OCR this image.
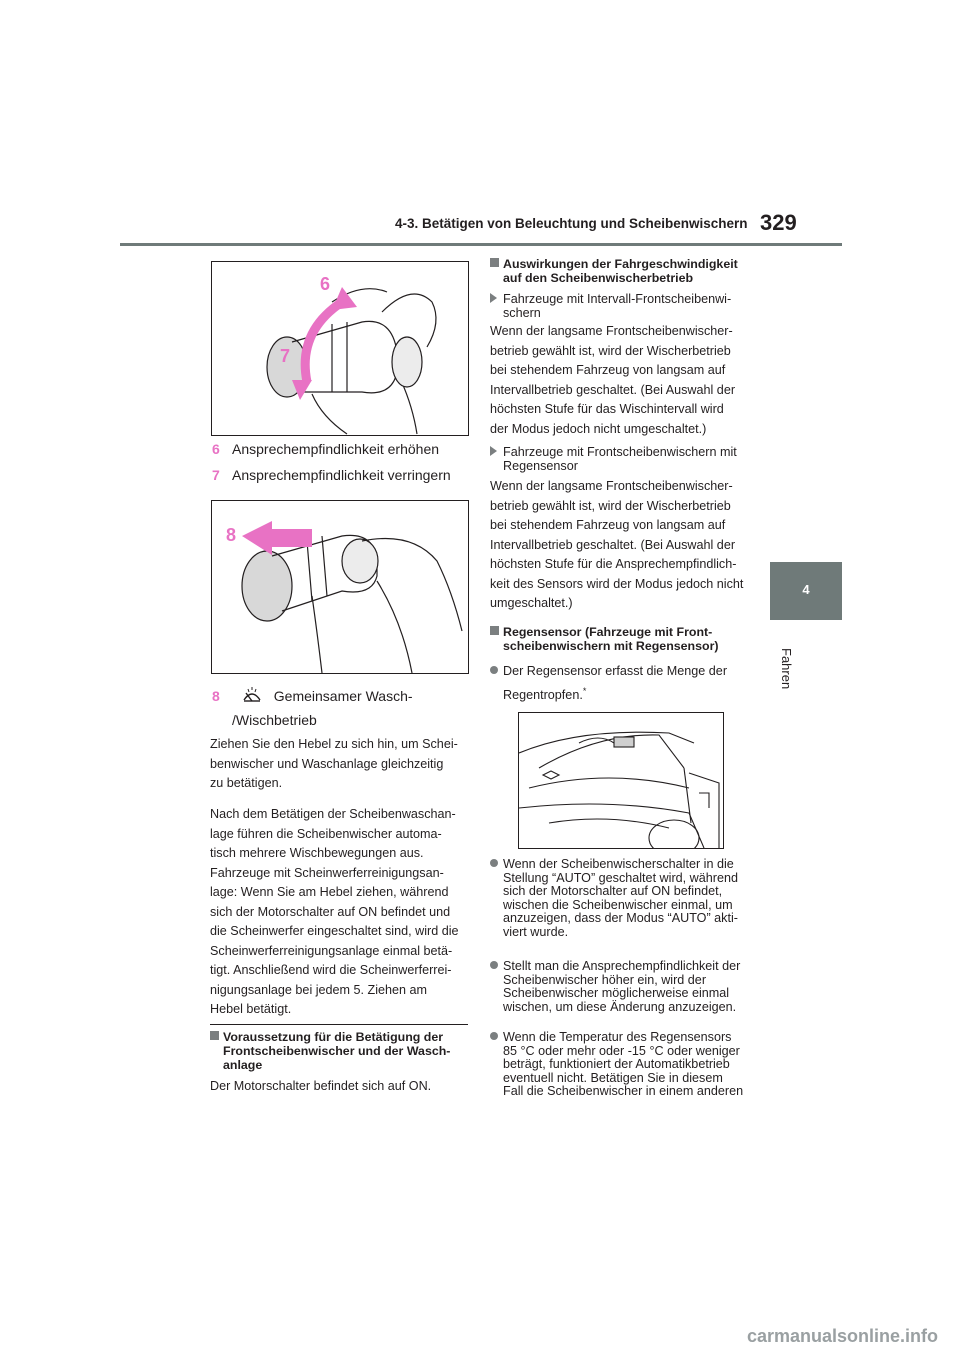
4-3. Betätigen von Beleuchtung und Scheibenwischern 329
4
Fahren
6
7
6 Ansprechempfindlichkeit erhöhen
7 Ansprechempfindlichkeit verringern
8
8	Gemeinsamer Wasch-
/Wischbetrieb

Ziehen Sie den Hebel zu sich hin, um Schei-

benwischer und Waschanlage gleichzeitig

zu betätigen.

Nach dem Betätigen der Scheibenwaschan-

lage führen die Scheibenwischer automa-

tisch mehrere Wischbewegungen aus.

Fahrzeuge mit Scheinwerferreinigungsan-

lage: Wenn Sie am Hebel ziehen, während

sich der Motorschalter auf ON befindet und

die Scheinwerfer eingeschaltet sind, wird die

Scheinwerferreinigungsanlage einmal betä-

tigt. Anschließend wird die Scheinwerferrei-

nigungsanlage bei jedem 5. Ziehen am

Hebel betätigt.

Voraussetzung für die Betätigung der

Frontscheibenwischer und der Wasch-

anlage

Der Motorschalter befindet sich auf ON.

Auswirkungen der Fahrgeschwindigkeit

auf den Scheibenwischerbetrieb

Fahrzeuge mit Intervall-Frontscheibenwi-

schern

Wenn der langsame Frontscheibenwischer-

betrieb gewählt ist, wird der Wischerbetrieb

bei stehendem Fahrzeug von langsam auf

Intervallbetrieb geschaltet. (Bei Auswahl der

höchsten Stufe für das Wischintervall wird

der Modus jedoch nicht umgeschaltet.)

Fahrzeuge mit Frontscheibenwischern mit

Regensensor

Wenn der langsame Frontscheibenwischer-

betrieb gewählt ist, wird der Wischerbetrieb

bei stehendem Fahrzeug von langsam auf

Intervallbetrieb geschaltet. (Bei Auswahl der

höchsten Stufe für die Ansprechempfindlich-

keit des Sensors wird der Modus jedoch nicht

umgeschaltet.)

Regensensor (Fahrzeuge mit Front-

scheibenwischern mit Regensensor)

Der Regensensor erfasst die Menge der

Regentropfen.*

Wenn der Scheibenwischerschalter in die

Stellung “AUTO” geschaltet wird, während

sich der Motorschalter auf ON befindet,

wischen die Scheibenwischer einmal, um

anzuzeigen, dass der Modus “AUTO” akti-

viert wurde.

Stellt man die Ansprechempfindlichkeit der

Scheibenwischer höher ein, wird der

Scheibenwischer möglicherweise einmal

wischen, um diese Änderung anzuzeigen.

Wenn die Temperatur des Regensensors

85 °C oder mehr oder -15 °C oder weniger

beträgt, funktioniert der Automatikbetrieb

eventuell nicht. Betätigen Sie in diesem

Fall die Scheibenwischer in einem anderen

carmanualsonline.info
